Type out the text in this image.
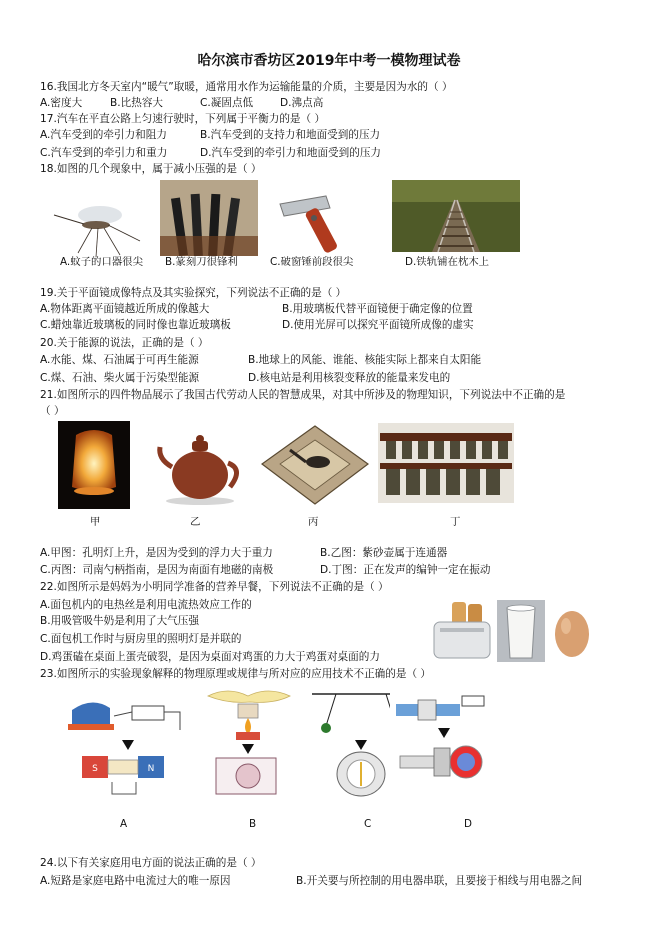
哈尔滨市香坊区2019年中考一模物理试卷
16.我国北方冬天室内“暖气”取暖，通常用水作为运输能量的介质，主要是因为水的（ ）
A.密度大	B.比热容大	C.凝固点低	D.沸点高
17.汽车在平直公路上匀速行驶时，下列属于平衡力的是（ ）
A.汽车受到的牵引力和阻力	B.汽车受到的支持力和地面受到的压力
C.汽车受到的牵引力和重力	D.汽车受到的牵引力和地面受到的压力
18.如图的几个现象中，属于减小压强的是（ ）
A.蚊子的口器很尖 B.篆刻刀很锋利	C.破窗锤前段很尖	D.铁轨铺在枕木上
19.关于平面镜成像特点及其实验探究，下列说法不正确的是（ ）
A.物体距离平面镜越近所成的像越大	B.用玻璃板代替平面镜便于确定像的位置
C.蜡烛靠近玻璃板的同时像也靠近玻璃板	D.使用光屏可以探究平面镜所成像的虚实
20.关于能源的说法，正确的是（ ）
A.水能、煤、石油属于可再生能源	B.地球上的风能、谁能、核能实际上都来自太阳能
C.煤、石油、柴火属于污染型能源	D.核电站是利用核裂变释放的能量来发电的
21.如图所示的四件物品展示了我国古代劳动人民的智慧成果，对其中所涉及的物理知识，下列说法中不正确的是
（ ）
甲	乙	丙	丁
A.甲图：孔明灯上升，是因为受到的浮力大于重力	B.乙图：紫砂壶属于连通器
C.丙图：司南勺柄指南，是因为南面有地磁的南极	D.丁图：正在发声的编钟一定在振动
22.如图所示是妈妈为小明同学准备的营养早餐，下列说法不正确的是（ ）
A.面包机内的电热丝是利用电流热效应工作的
B.用吸管吸牛奶是利用了大气压强
C.面包机工作时与厨房里的照明灯是并联的
D.鸡蛋磕在桌面上蛋壳破裂，是因为桌面对鸡蛋的力大于鸡蛋对桌面的力
23.如图所示的实验现象解释的物理原理或规律与所对应的应用技术不正确的是（ ）
S	N
A	B	C	D
24.以下有关家庭用电方面的说法正确的是（ ）
A.短路是家庭电路中电流过大的唯一原因	B.开关要与所控制的用电器串联，且要接于相线与用电器之间
